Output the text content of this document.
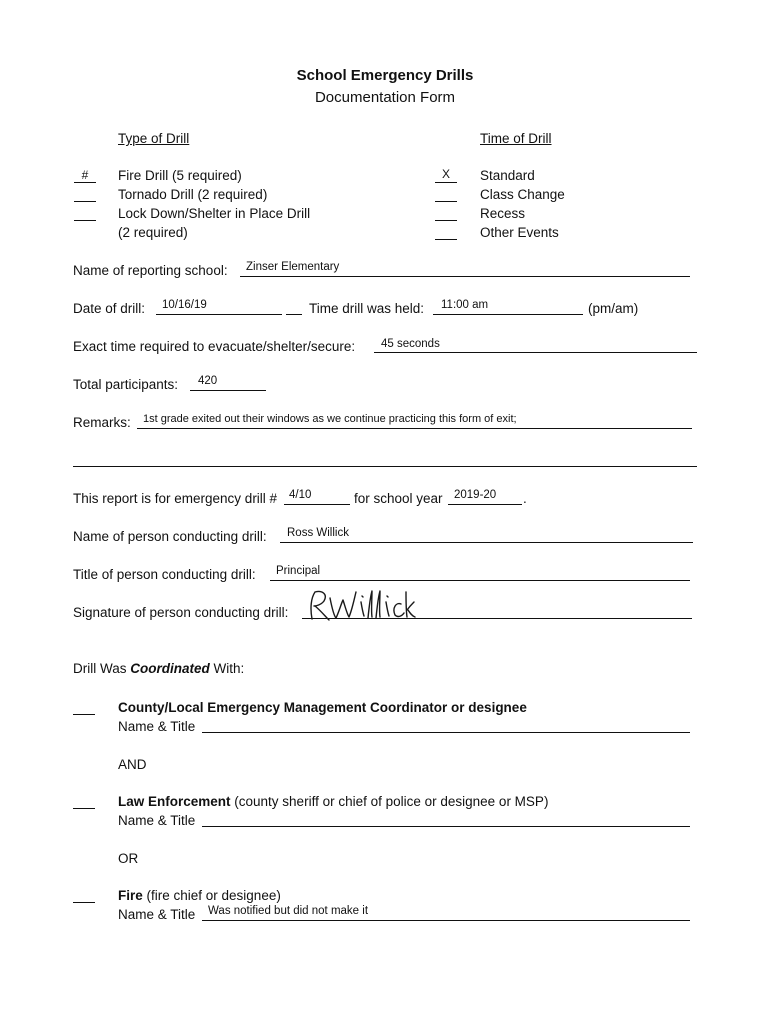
School Emergency Drills
Documentation Form
Type of Drill
#	Fire Drill (5 required)
Tornado Drill (2 required)
Lock Down/Shelter in Place Drill
(2 required)
Time of Drill
X	Standard
Class Change
Recess
Other Events
Name of reporting school: Zinser Elementary
Date of drill: 10/16/19	Time drill was held: 11:00 am	(pm/am)
Exact time required to evacuate/shelter/secure: 45 seconds
Total participants: 420
Remarks: 1st grade exited out their windows as we continue practicing this form of exit;
This report is for emergency drill # 4/10	for school year 2019-20 .
Name of person conducting drill: Ross Willick
Title of person conducting drill: Principal
Signature of person conducting drill:
Drill Was Coordinated With:
County/Local Emergency Management Coordinator or designee
Name & Title
AND
Law Enforcement (county sheriff or chief of police or designee or MSP)
Name & Title
OR
Fire (fire chief or designee)
Name & Title Was notified but did not make it
